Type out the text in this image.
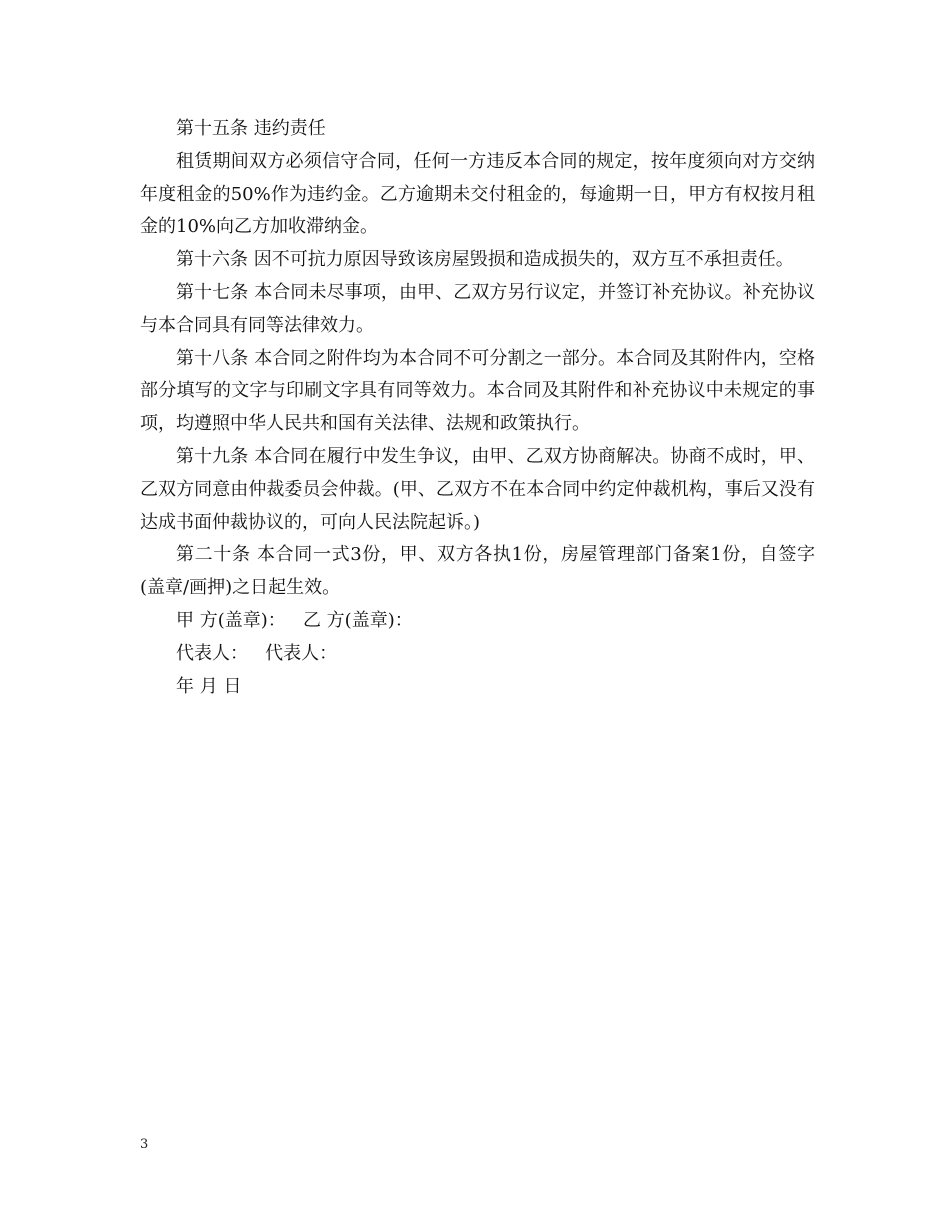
第十五条 违约责任

租赁期间双方必须信守合同，任何一方违反本合同的规定，按年度须向对方交纳年度租金的50%作为违约金。乙方逾期未交付租金的，每逾期一日，甲方有权按月租金的10%向乙方加收滞纳金。

第十六条 因不可抗力原因导致该房屋毁损和造成损失的，双方互不承担责任。

第十七条 本合同未尽事项，由甲、乙双方另行议定，并签订补充协议。补充协议与本合同具有同等法律效力。

第十八条 本合同之附件均为本合同不可分割之一部分。本合同及其附件内，空格部分填写的文字与印刷文字具有同等效力。本合同及其附件和补充协议中未规定的事项，均遵照中华人民共和国有关法律、法规和政策执行。

第十九条 本合同在履行中发生争议，由甲、乙双方协商解决。协商不成时，甲、乙双方同意由仲裁委员会仲裁。(甲、乙双方不在本合同中约定仲裁机构，事后又没有达成书面仲裁协议的，可向人民法院起诉。)

第二十条 本合同一式3份，甲、双方各执1份，房屋管理部门备案1份，自签字(盖章/画押)之日起生效。

甲 方(盖章)： 乙 方(盖章)：

代表人： 代表人：

年 月 日

3
